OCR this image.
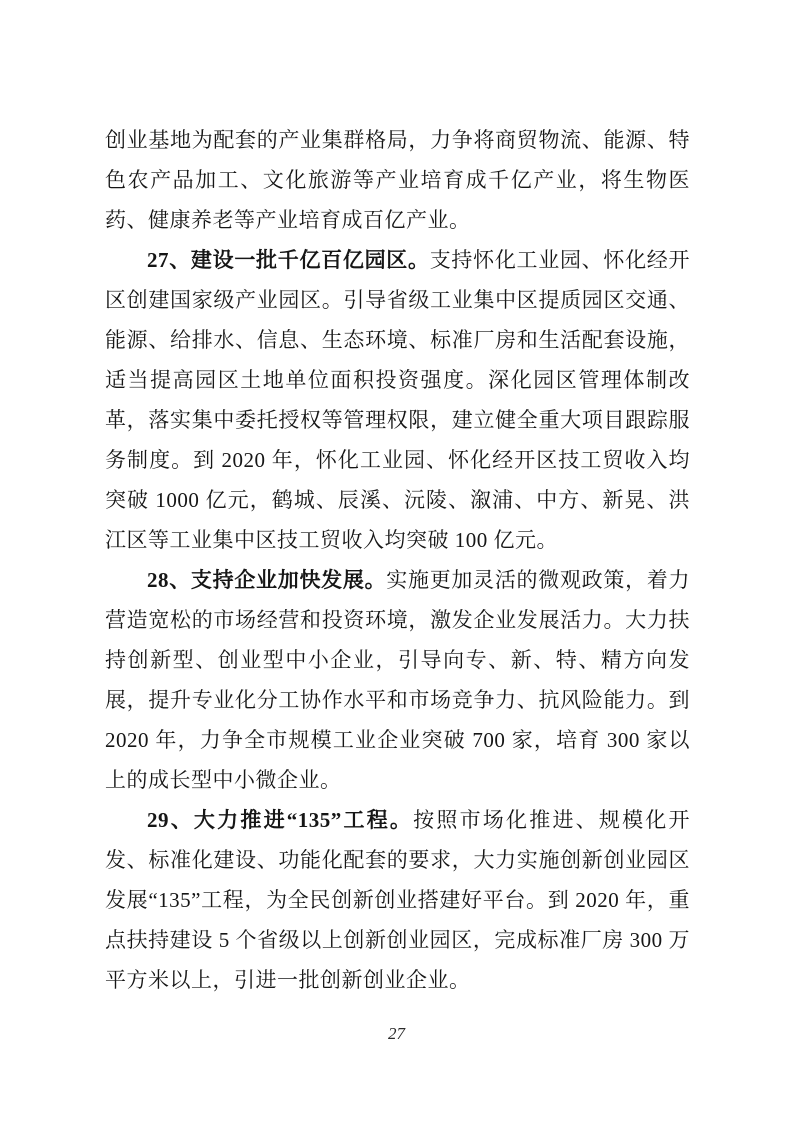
创业基地为配套的产业集群格局，力争将商贸物流、能源、特色农产品加工、文化旅游等产业培育成千亿产业，将生物医药、健康养老等产业培育成百亿产业。

27、建设一批千亿百亿园区。支持怀化工业园、怀化经开区创建国家级产业园区。引导省级工业集中区提质园区交通、能源、给排水、信息、生态环境、标准厂房和生活配套设施，适当提高园区土地单位面积投资强度。深化园区管理体制改革，落实集中委托授权等管理权限，建立健全重大项目跟踪服务制度。到 2020 年，怀化工业园、怀化经开区技工贸收入均突破 1000 亿元，鹤城、辰溪、沅陵、溆浦、中方、新晃、洪江区等工业集中区技工贸收入均突破 100 亿元。

28、支持企业加快发展。实施更加灵活的微观政策，着力营造宽松的市场经营和投资环境，激发企业发展活力。大力扶持创新型、创业型中小企业，引导向专、新、特、精方向发展，提升专业化分工协作水平和市场竞争力、抗风险能力。到 2020 年，力争全市规模工业企业突破 700 家，培育 300 家以上的成长型中小微企业。

29、大力推进“135”工程。按照市场化推进、规模化开发、标准化建设、功能化配套的要求，大力实施创新创业园区发展“135”工程，为全民创新创业搭建好平台。到 2020 年，重点扶持建设 5 个省级以上创新创业园区，完成标准厂房 300 万平方米以上，引进一批创新创业企业。

27
